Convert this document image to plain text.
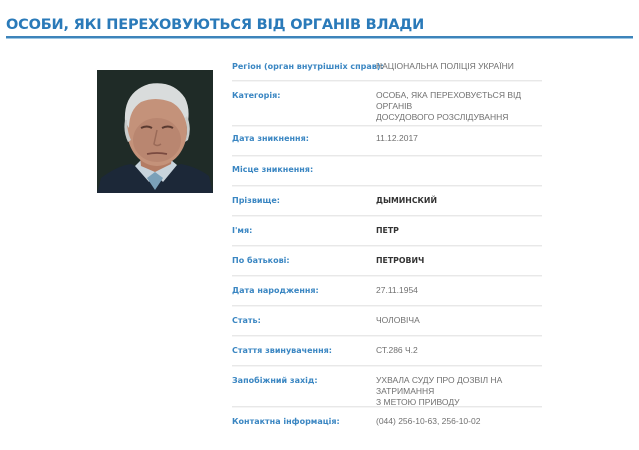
ОСОБИ, ЯКІ ПЕРЕХОВУЮТЬСЯ ВІД ОРГАНІВ ВЛАДИ
Регіон (орган внутрішніх справ):
НАЦІОНАЛЬНА ПОЛІЦІЯ УКРАЇНИ
Категорія:	ОСОБА, ЯКА ПЕРЕХОВУЄТЬСЯ ВІД ОРГАНІВ
ДОСУДОВОГО РОЗСЛІДУВАННЯ
Дата зникнення:	11.12.2017
Місце зникнення:
Прізвище:	ДЫМИНСКИЙ
І'мя:	ПЕТР
По батькові:	ПЕТРОВИЧ
Дата народження:	27.11.1954
Стать:	ЧОЛОВІЧА
Стаття звинувачення:	СТ.286 Ч.2
Запобіжний захід:	УХВАЛА СУДУ ПРО ДОЗВІЛ НА ЗАТРИМАННЯ
З МЕТОЮ ПРИВОДУ
Контактна інформація:	(044) 256-10-63, 256-10-02
